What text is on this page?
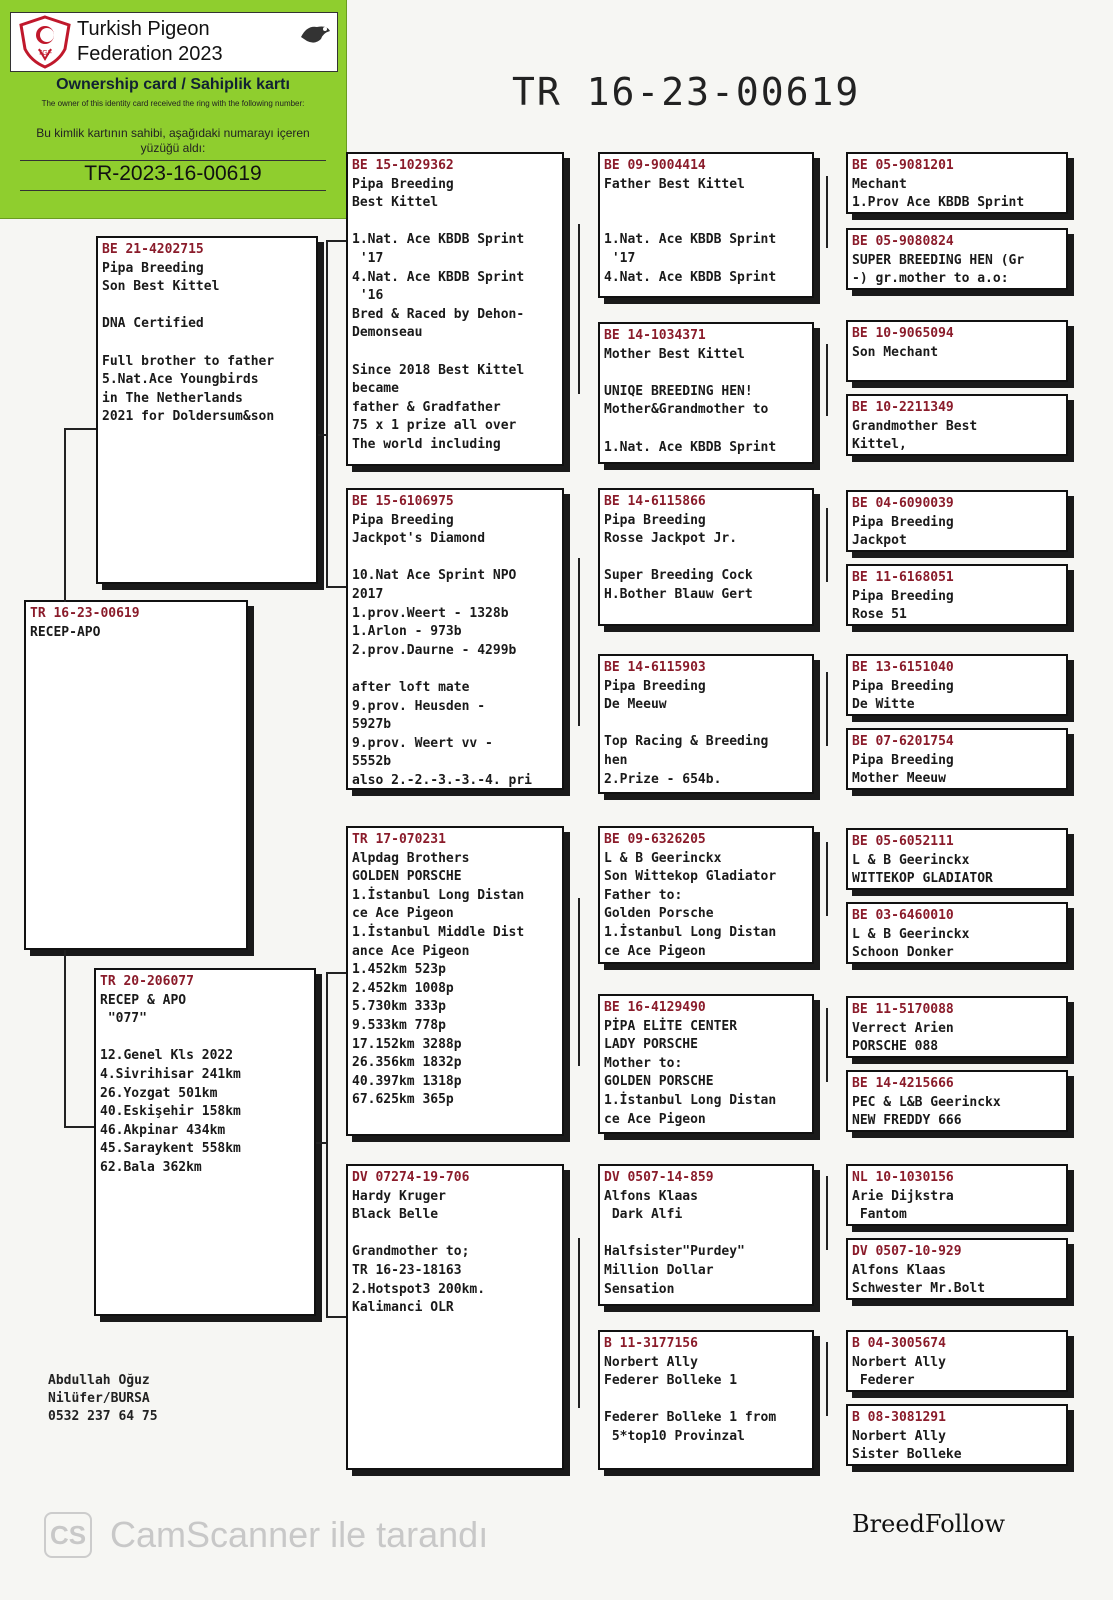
TGF
Turkish Pigeon Federation 2023
Ownership card / Sahiplik kartı
The owner of this identity card received the ring with the following number:
Bu kimlik kartının sahibi, aşağıdaki numarayı içeren yüzüğü aldı:
TR-2023-16-00619
TR 16-23-00619
TR 16-23-00619
RECEP-APO
BE 21-4202715
Pipa Breeding
Son Best Kittel

DNA Certified

Full brother to father
5.Nat.Ace Youngbirds
in The Netherlands
2021 for Doldersum&son
TR 20-206077
RECEP & APO
"077"

12.Genel Kls 2022
4.Sivrihisar 241km
26.Yozgat 501km
40.Eskişehir 158km
46.Akpinar 434km
45.Saraykent 558km
62.Bala 362km
BE 15-1029362
Pipa Breeding
Best Kittel

1.Nat. Ace KBDB Sprint
'17
4.Nat. Ace KBDB Sprint
'16
Bred & Raced by Dehon-
Demonseau

Since 2018 Best Kittel
became
father & Gradfather
75 x 1 prize all over
The world including
BE 15-6106975
Pipa Breeding
Jackpot's Diamond

10.Nat Ace Sprint NPO
2017
1.prov.Weert - 1328b
1.Arlon - 973b
2.prov.Daurne - 4299b

after loft mate
9.prov. Heusden -
5927b
9.prov. Weert vv -
5552b
also 2.-2.-3.-3.-4. pri
TR 17-070231
Alpdag Brothers
GOLDEN PORSCHE
1.İstanbul Long Distan
ce Ace Pigeon
1.İstanbul Middle Dist
ance Ace Pigeon
1.452km 523p
2.452km 1008p
5.730km 333p
9.533km 778p
17.152km 3288p
26.356km 1832p
40.397km 1318p
67.625km 365p
DV 07274-19-706
Hardy Kruger
Black Belle

Grandmother to;
TR 16-23-18163
2.Hotspot3 200km.
Kalimanci OLR
BE 09-9004414
Father Best Kittel

1.Nat. Ace KBDB Sprint
'17
4.Nat. Ace KBDB Sprint
BE 14-1034371
Mother Best Kittel

UNIQE BREEDING HEN!
Mother&Grandmother to

1.Nat. Ace KBDB Sprint
BE 14-6115866
Pipa Breeding
Rosse Jackpot Jr.

Super Breeding Cock
H.Bother Blauw Gert
BE 14-6115903
Pipa Breeding
De Meeuw

Top Racing & Breeding
hen
2.Prize - 654b.
BE 09-6326205
L & B Geerinckx
Son Wittekop Gladiator
Father to:
Golden Porsche
1.İstanbul Long Distan
ce Ace Pigeon
BE 16-4129490
PİPA ELİTE CENTER
LADY PORSCHE
Mother to:
GOLDEN PORSCHE
1.İstanbul Long Distan
ce Ace Pigeon
DV 0507-14-859
Alfons Klaas
Dark Alfi

Halfsister"Purdey"
Million Dollar
Sensation
B 11-3177156
Norbert Ally
Federer Bolleke 1

Federer Bolleke 1 from
5*top10 Provinzal
BE 05-9081201
Mechant
1.Prov Ace KBDB Sprint
BE 05-9080824
SUPER BREEDING HEN (Gr
-) gr.mother to a.o:
BE 10-9065094
Son Mechant
BE 10-2211349
Grandmother Best
Kittel,
BE 04-6090039
Pipa Breeding
Jackpot
BE 11-6168051
Pipa Breeding
Rose 51
BE 13-6151040
Pipa Breeding
De Witte
BE 07-6201754
Pipa Breeding
Mother Meeuw
BE 05-6052111
L & B Geerinckx
WITTEKOP GLADIATOR
BE 03-6460010
L & B Geerinckx
Schoon Donker
BE 11-5170088
Verrect Arien
PORSCHE 088
BE 14-4215666
PEC & L&B Geerinckx
NEW FREDDY 666
NL 10-1030156
Arie Dijkstra
Fantom
DV 0507-10-929
Alfons Klaas
Schwester Mr.Bolt
B 04-3005674
Norbert Ally
Federer
B 08-3081291
Norbert Ally
Sister Bolleke
Abdullah Oğuz
Nilüfer/BURSA
0532 237 64 75
BreedFollow
CS CamScanner ile tarandı
